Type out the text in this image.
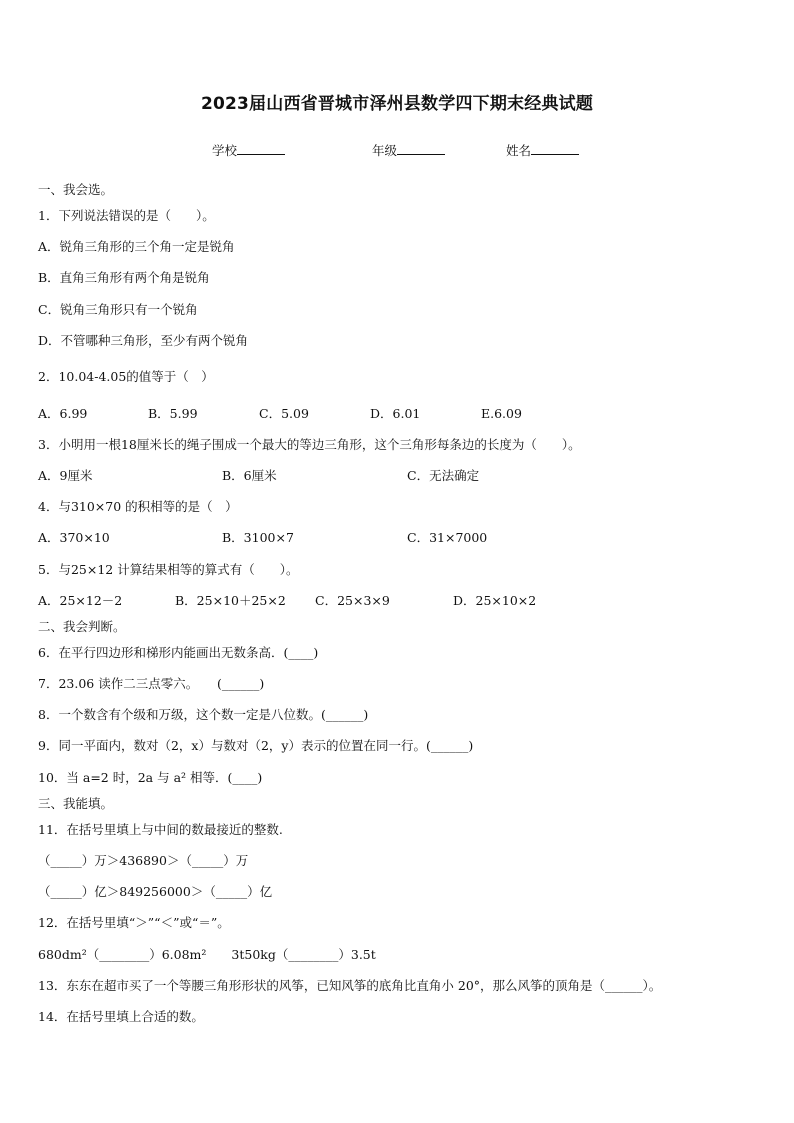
2023届山西省晋城市泽州县数学四下期末经典试题
学校	年级	姓名
一、我会选。
1．下列说法错误的是（　　）。
A．锐角三角形的三个角一定是锐角
B．直角三角形有两个角是锐角
C．锐角三角形只有一个锐角
D．不管哪种三角形，至少有两个锐角
2．10.04-4.05的值等于（　）
A．6.99	B．5.99	C．5.09	D．6.01	E.6.09
3．小明用一根18厘米长的绳子围成一个最大的等边三角形，这个三角形每条边的长度为（　　）。
A．9厘米	B．6厘米	C．无法确定
4．与310×70 的积相等的是（　）
A．370×10	B．3100×7	C．31×7000
5．与25×12 计算结果相等的算式有（　　）。
A．25×12－2	B．25×10＋25×2 C．25×3×9	D．25×10×2
二、我会判断。
6．在平行四边形和梯形内能画出无数条高．(____)
7．23.06 读作二三点零六。　　(______)
8．一个数含有个级和万级，这个数一定是八位数。(______)
9．同一平面内，数对（2，x）与数对（2，y）表示的位置在同一行。(______)
10．当 a=2 时，2a 与 a² 相等．(____)
三、我能填。
11．在括号里填上与中间的数最接近的整数.
（_____）万＞436890＞（_____）万
（_____）亿＞849256000＞（_____）亿
12．在括号里填“＞”“＜”或“＝”。
680dm²（________）6.08m²　　3t50kg（________）3.5t
13．东东在超市买了一个等腰三角形形状的风筝，已知风筝的底角比直角小 20°，那么风筝的顶角是（______）。
14．在括号里填上合适的数。
